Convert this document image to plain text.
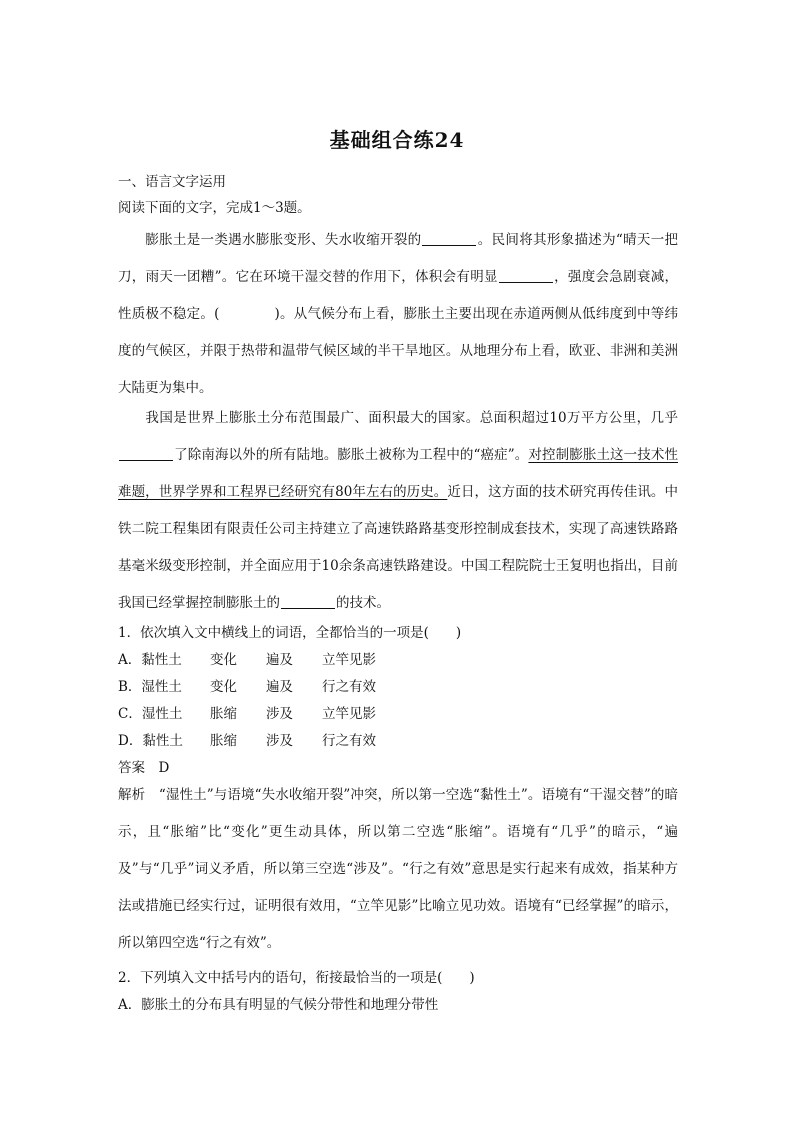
基础组合练24
一、语言文字运用
阅读下面的文字，完成1～3题。
膨胀土是一类遇水膨胀变形、失水收缩开裂的	。民间将其形象描述为“晴天一把刀，雨天一团糟”。它在环境干湿交替的作用下，体积会有明显	，强度会急剧衰减，性质极不稳定。(　　　　)。从气候分布上看，膨胀土主要出现在赤道两侧从低纬度到中等纬度的气候区，并限于热带和温带气候区域的半干旱地区。从地理分布上看，欧亚、非洲和美洲大陆更为集中。
我国是世界上膨胀土分布范围最广、面积最大的国家。总面积超过10万平方公里，几乎了除南海以外的所有陆地。膨胀土被称为工程中的“癌症”。对控制膨胀土这一技术性难题，世界学界和工程界已经研究有80年左右的历史。近日，这方面的技术研究再传佳讯。中铁二院工程集团有限责任公司主持建立了高速铁路路基变形控制成套技术，实现了高速铁路路基毫米级变形控制，并全面应用于10余条高速铁路建设。中国工程院院士王复明也指出，目前我国已经掌握控制膨胀土的	的技术。
1．依次填入文中横线上的词语，全都恰当的一项是(　　)
A．黏性土 变化 遍及 立竿见影
B．湿性土 变化 遍及 行之有效
C．湿性土 胀缩 涉及 立竿见影
D．黏性土 胀缩 涉及 行之有效
答案　 D
解析　 “湿性土”与语境“失水收缩开裂”冲突，所以第一空选“黏性土”。语境有“干湿交替”的暗示，且“胀缩”比“变化”更生动具体，所以第二空选“胀缩”。语境有“几乎”的暗示，“遍及”与“几乎”词义矛盾，所以第三空选“涉及”。“行之有效”意思是实行起来有成效，指某种方法或措施已经实行过，证明很有效用，“立竿见影”比喻立见功效。语境有“已经掌握”的暗示，所以第四空选“行之有效”。
2．下列填入文中括号内的语句，衔接最恰当的一项是(　　)
A．膨胀土的分布具有明显的气候分带性和地理分带性
